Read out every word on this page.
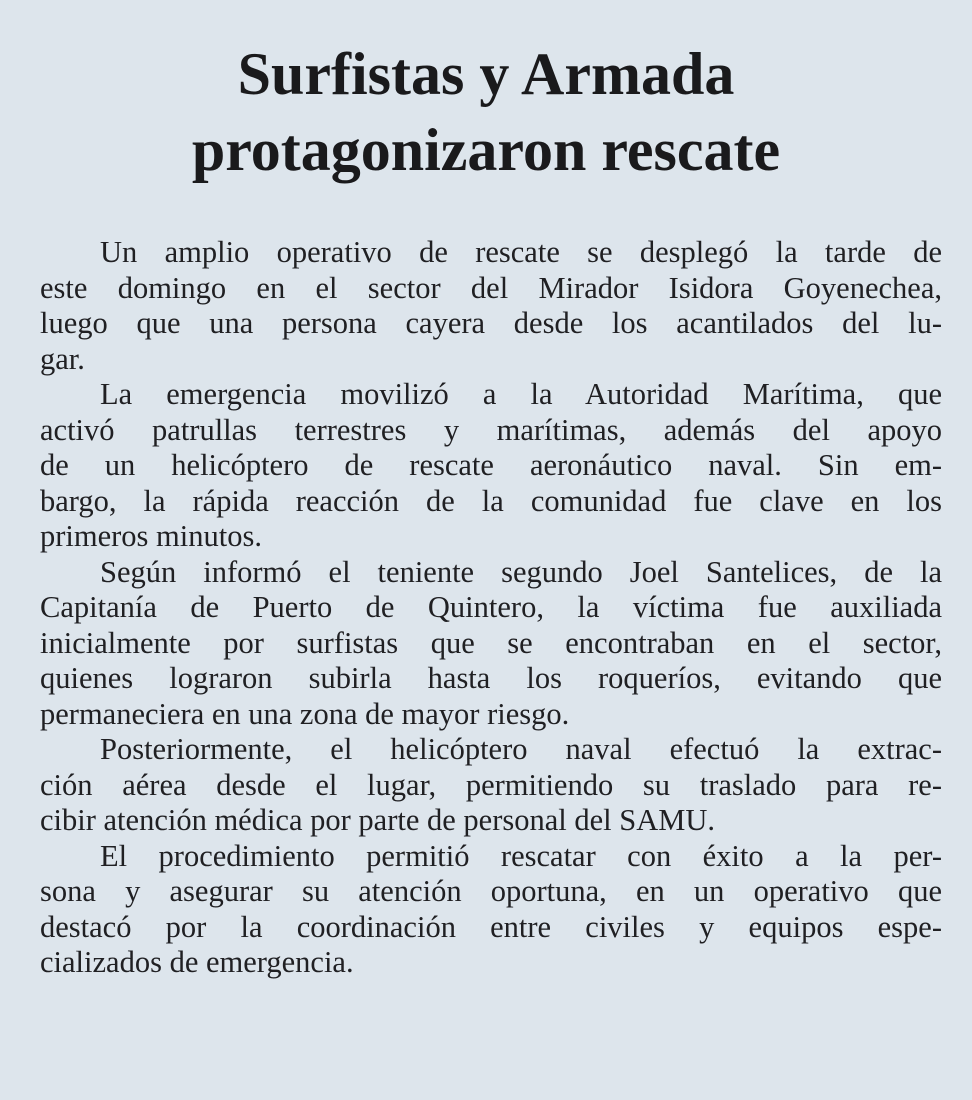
Surfistas y Armada
protagonizaron rescate

Un amplio operativo de rescate se desplegó la tarde de
este domingo en el sector del Mirador Isidora Goyenechea,
luego que una persona cayera desde los acantilados del lu-
gar.

La emergencia movilizó a la Autoridad Marítima, que
activó patrullas terrestres y marítimas, además del apoyo
de un helicóptero de rescate aeronáutico naval. Sin em-
bargo, la rápida reacción de la comunidad fue clave en los
primeros minutos.

Según informó el teniente segundo Joel Santelices, de la
Capitanía de Puerto de Quintero, la víctima fue auxiliada
inicialmente por surfistas que se encontraban en el sector,
quienes lograron subirla hasta los roqueríos, evitando que
permaneciera en una zona de mayor riesgo.

Posteriormente, el helicóptero naval efectuó la extrac-
ción aérea desde el lugar, permitiendo su traslado para re-
cibir atención médica por parte de personal del SAMU.

El procedimiento permitió rescatar con éxito a la per-
sona y asegurar su atención oportuna, en un operativo que
destacó por la coordinación entre civiles y equipos espe-
cializados de emergencia.
